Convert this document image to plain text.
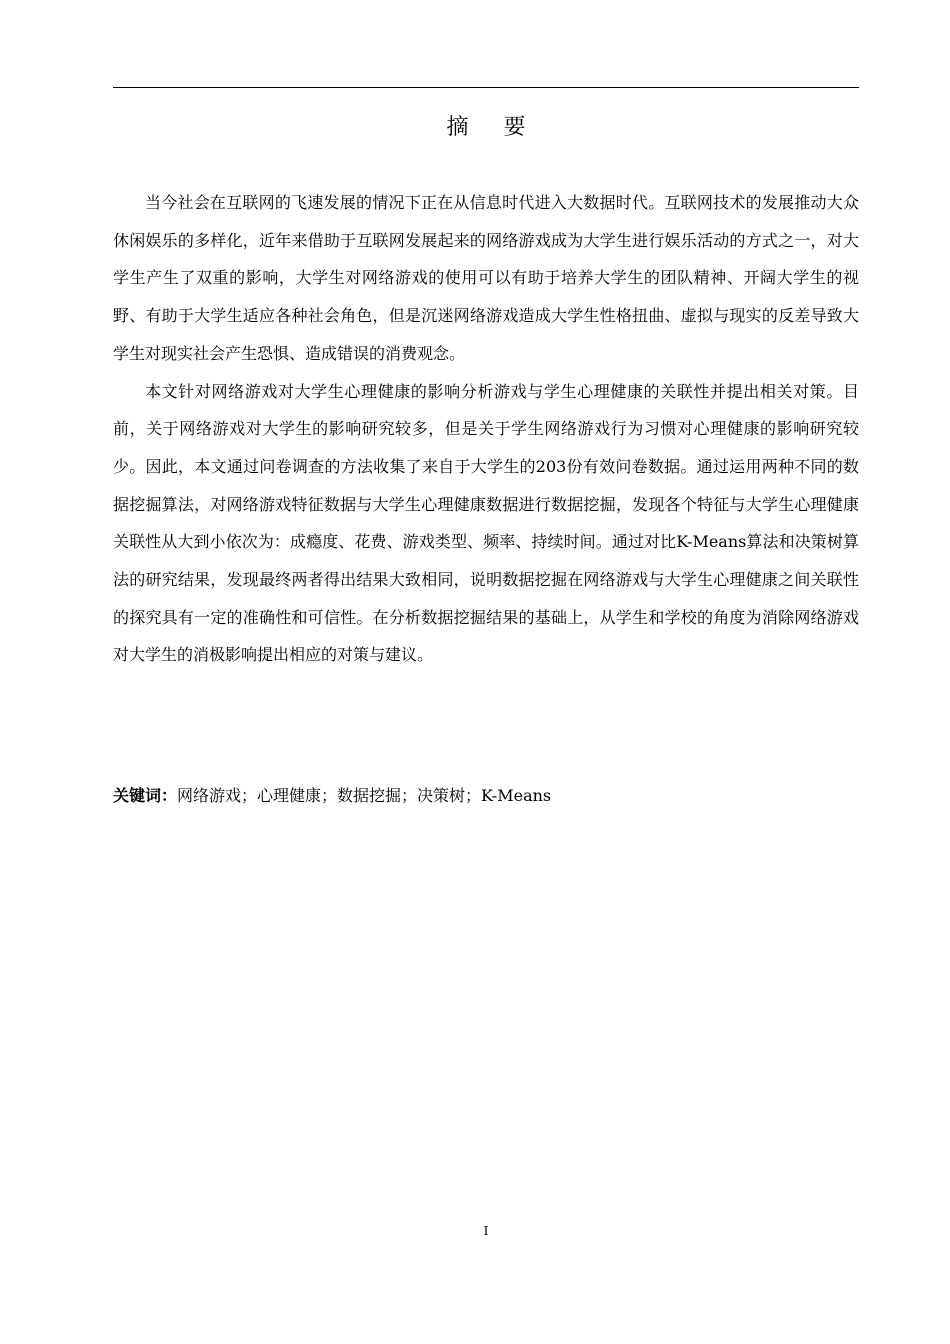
摘 要

当今社会在互联网的飞速发展的情况下正在从信息时代进入大数据时代。互联网技术的发展推动大众休闲娱乐的多样化，近年来借助于互联网发展起来的网络游戏成为大学生进行娱乐活动的方式之一，对大学生产生了双重的影响，大学生对网络游戏的使用可以有助于培养大学生的团队精神、开阔大学生的视野、有助于大学生适应各种社会角色，但是沉迷网络游戏造成大学生性格扭曲、虚拟与现实的反差导致大学生对现实社会产生恐惧、造成错误的消费观念。

本文针对网络游戏对大学生心理健康的影响分析游戏与学生心理健康的关联性并提出相关对策。目前，关于网络游戏对大学生的影响研究较多，但是关于学生网络游戏行为习惯对心理健康的影响研究较少。因此，本文通过问卷调查的方法收集了来自于大学生的203份有效问卷数据。通过运用两种不同的数据挖掘算法，对网络游戏特征数据与大学生心理健康数据进行数据挖掘，发现各个特征与大学生心理健康关联性从大到小依次为：成瘾度、花费、游戏类型、频率、持续时间。通过对比K-Means算法和决策树算法的研究结果，发现最终两者得出结果大致相同，说明数据挖掘在网络游戏与大学生心理健康之间关联性的探究具有一定的准确性和可信性。在分析数据挖掘结果的基础上，从学生和学校的角度为消除网络游戏对大学生的消极影响提出相应的对策与建议。

关键词：网络游戏；心理健康；数据挖掘；决策树；K-Means
I
